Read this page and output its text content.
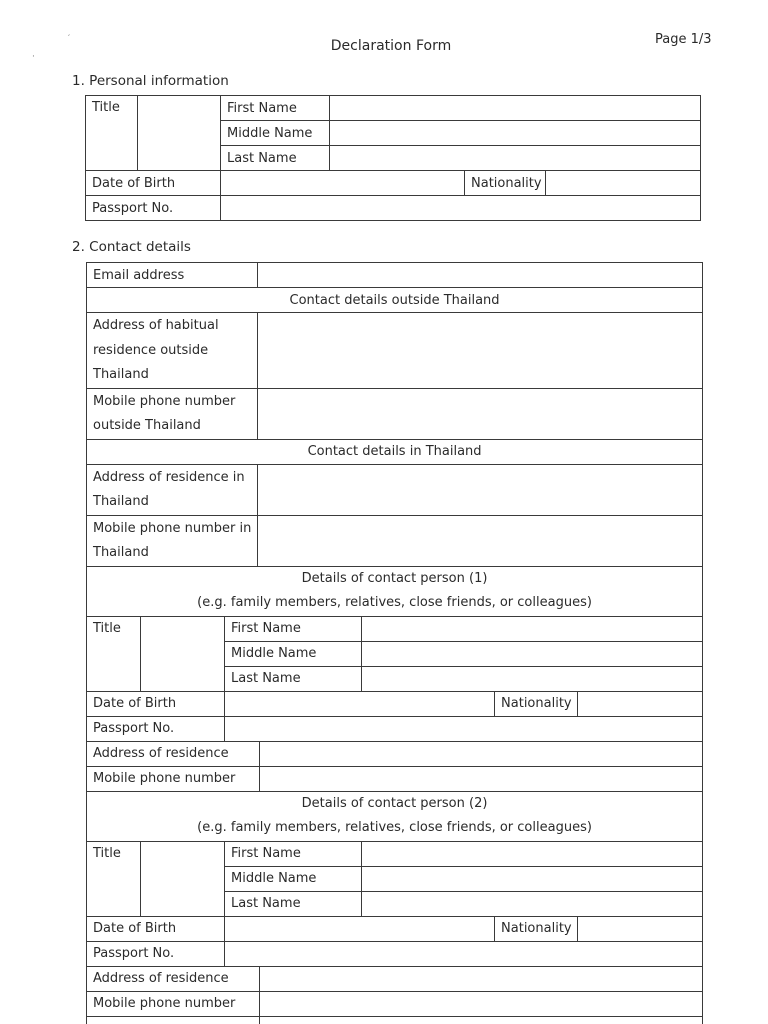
′
·
Declaration Form	Page 1/3
1. Personal information
Title		First Name			
		Middle Name			
		Last Name			
Date of Birth				Nationality	
Passport No.					
2. Contact details
Email address							
Contact details outside Thailand							
Address of habitual residence outside Thailand							
Mobile phone number outside Thailand							
Contact details in Thailand							
Address of residence in Thailand							
Mobile phone number in Thailand							

Details of contact person (1)
(e.g. family members, relatives, close friends, or colleagues)							

Title		First Name					
		Middle Name					
		Last Name					
Date of Birth						Nationality	
Passport No.							
Address of residence							
Mobile phone number							

Details of contact person (2)
(e.g. family members, relatives, close friends, or colleagues)							

Title		First Name					
		Middle Name					
		Last Name					
Date of Birth						Nationality	
Passport No.							
Address of residence							
Mobile phone number							
